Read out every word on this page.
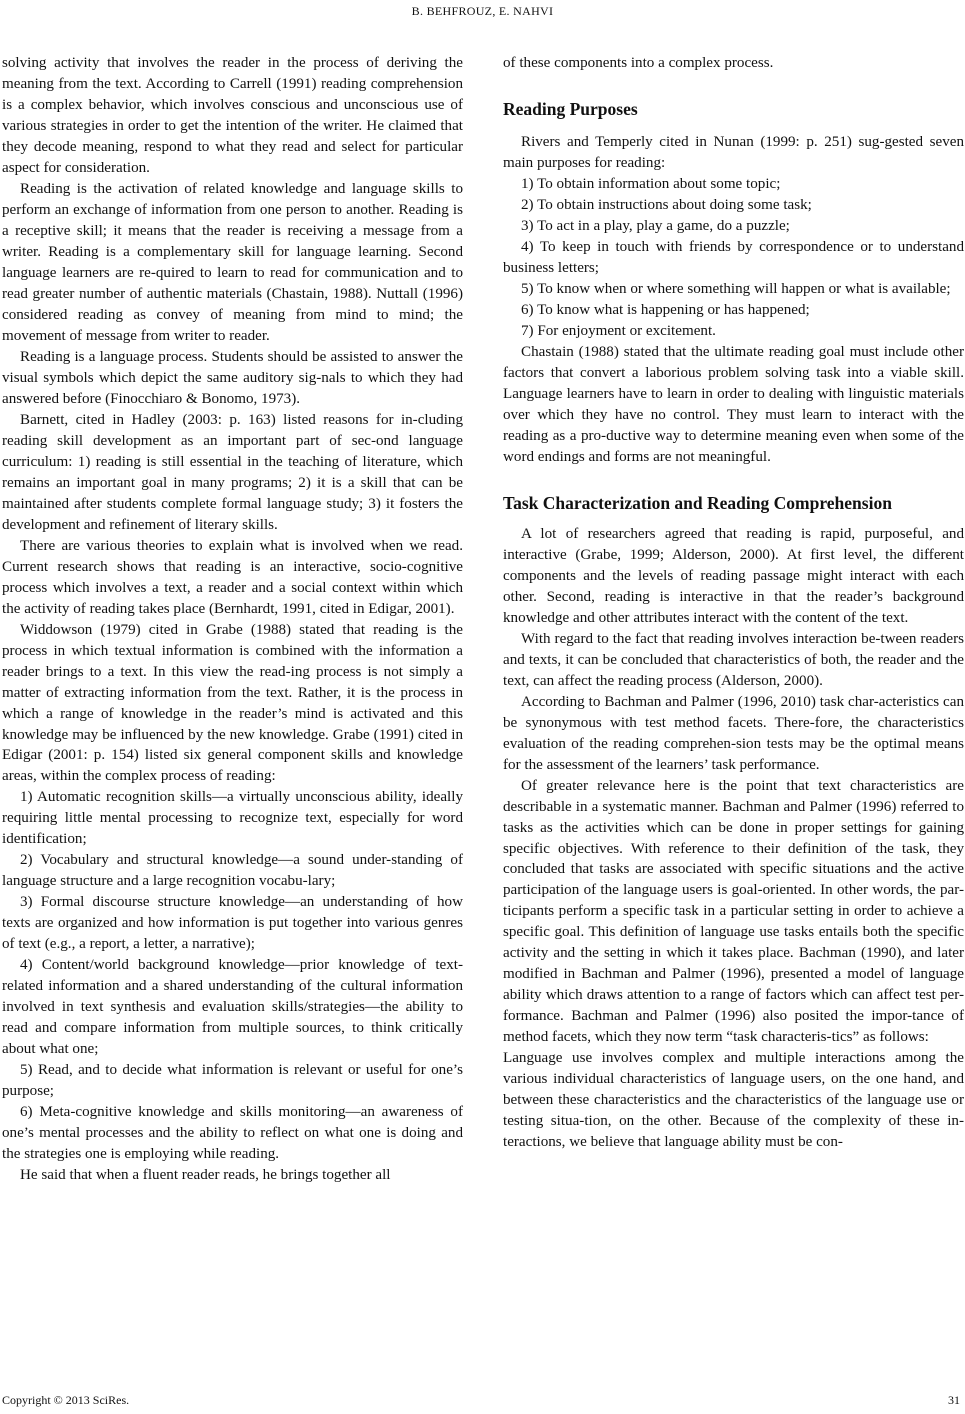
B. BEHFROUZ, E. NAHVI

solving activity that involves the reader in the process of deriving the meaning from the text. According to Carrell (1991) reading comprehension is a complex behavior, which involves conscious and unconscious use of various strategies in order to get the intention of the writer. He claimed that they decode meaning, respond to what they read and select for particular aspect for consideration.

Reading is the activation of related knowledge and language skills to perform an exchange of information from one person to another. Reading is a receptive skill; it means that the reader is receiving a message from a writer. Reading is a complementary skill for language learning. Second language learners are re-quired to learn to read for communication and to read greater number of authentic materials (Chastain, 1988). Nuttall (1996) considered reading as convey of meaning from mind to mind; the movement of message from writer to reader.

Reading is a language process. Students should be assisted to answer the visual symbols which depict the same auditory sig-nals to which they had answered before (Finocchiaro & Bonomo, 1973).

Barnett, cited in Hadley (2003: p. 163) listed reasons for in-cluding reading skill development as an important part of sec-ond language curriculum: 1) reading is still essential in the teaching of literature, which remains an important goal in many programs; 2) it is a skill that can be maintained after students complete formal language study; 3) it fosters the development and refinement of literary skills.

There are various theories to explain what is involved when we read. Current research shows that reading is an interactive, socio-cognitive process which involves a text, a reader and a social context within which the activity of reading takes place (Bernhardt, 1991, cited in Edigar, 2001).

Widdowson (1979) cited in Grabe (1988) stated that reading is the process in which textual information is combined with the information a reader brings to a text. In this view the read-ing process is not simply a matter of extracting information from the text. Rather, it is the process in which a range of knowledge in the reader’s mind is activated and this knowledge may be influenced by the new knowledge. Grabe (1991) cited in Edigar (2001: p. 154) listed six general component skills and knowledge areas, within the complex process of reading:

1) Automatic recognition skills—a virtually unconscious ability, ideally requiring little mental processing to recognize text, especially for word identification;

2) Vocabulary and structural knowledge—a sound under-standing of language structure and a large recognition vocabu-lary;

3) Formal discourse structure knowledge—an understanding of how texts are organized and how information is put together into various genres of text (e.g., a report, a letter, a narrative);

4) Content/world background knowledge—prior knowledge of text-related information and a shared understanding of the cultural information involved in text synthesis and evaluation skills/strategies—the ability to read and compare information from multiple sources, to think critically about what one;

5) Read, and to decide what information is relevant or useful for one’s purpose;

6) Meta-cognitive knowledge and skills monitoring—an awareness of one’s mental processes and the ability to reflect on what one is doing and the strategies one is employing while reading.

He said that when a fluent reader reads, he brings together all

of these components into a complex process.

Reading Purposes

Rivers and Temperly cited in Nunan (1999: p. 251) sug-gested seven main purposes for reading:

1) To obtain information about some topic;

2) To obtain instructions about doing some task;

3) To act in a play, play a game, do a puzzle;

4) To keep in touch with friends by correspondence or to understand business letters;

5) To know when or where something will happen or what is available;

6) To know what is happening or has happened;

7) For enjoyment or excitement.

Chastain (1988) stated that the ultimate reading goal must include other factors that convert a laborious problem solving task into a viable skill. Language learners have to learn in order to dealing with linguistic materials over which they have no control. They must learn to interact with the reading as a pro-ductive way to determine meaning even when some of the word endings and forms are not meaningful.

Task Characterization and Reading Comprehension

A lot of researchers agreed that reading is rapid, purposeful, and interactive (Grabe, 1999; Alderson, 2000). At first level, the different components and the levels of reading passage might interact with each other. Second, reading is interactive in that the reader’s background knowledge and other attributes interact with the content of the text.

With regard to the fact that reading involves interaction be-tween readers and texts, it can be concluded that characteristics of both, the reader and the text, can affect the reading process (Alderson, 2000).

According to Bachman and Palmer (1996, 2010) task char-acteristics can be synonymous with test method facets. There-fore, the characteristics evaluation of the reading comprehen-sion tests may be the optimal means for the assessment of the learners’ task performance.

Of greater relevance here is the point that text characteristics are describable in a systematic manner. Bachman and Palmer (1996) referred to tasks as the activities which can be done in proper settings for gaining specific objectives. With reference to their definition of the task, they concluded that tasks are associated with specific situations and the active participation of the language users is goal-oriented. In other words, the par-ticipants perform a specific task in a particular setting in order to achieve a specific goal. This definition of language use tasks entails both the specific activity and the setting in which it takes place. Bachman (1990), and later modified in Bachman and Palmer (1996), presented a model of language ability which draws attention to a range of factors which can affect test per-formance. Bachman and Palmer (1996) also posited the impor-tance of method facets, which they now term “task characteris-tics” as follows:

Language use involves complex and multiple interactions among the various individual characteristics of language users, on the one hand, and between these characteristics and the characteristics of the language use or testing situa-tion, on the other. Because of the complexity of these in-teractions, we believe that language ability must be con-

Copyright © 2013 SciRes.	31
